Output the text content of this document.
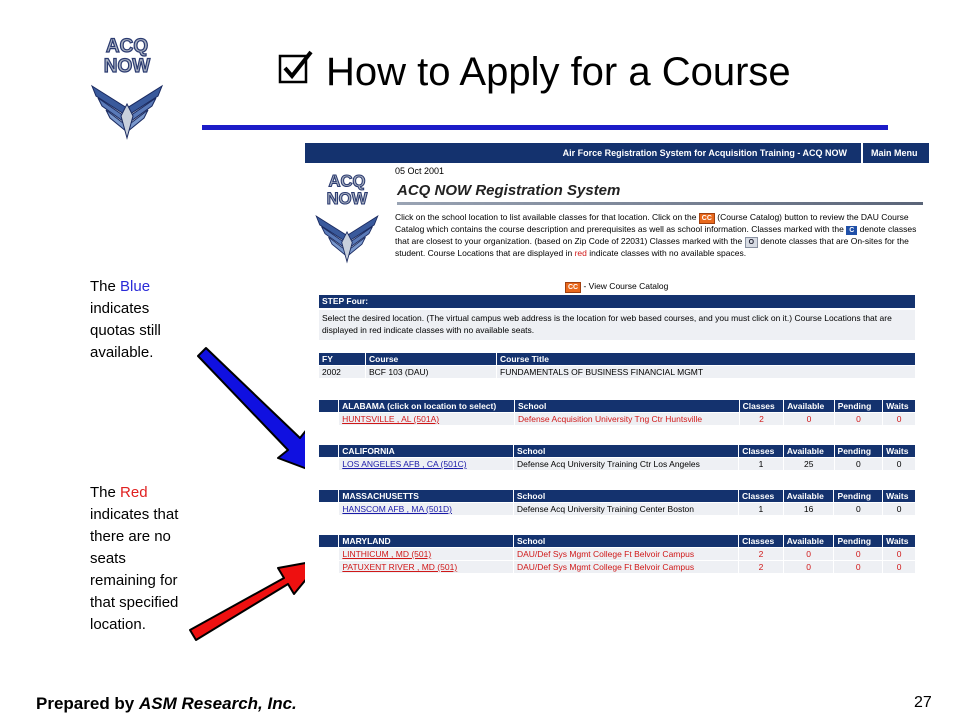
ACQ
NOW	How to Apply for a Course
The Blue indicates quotas still available.
The Red indicates that there are no seats remaining for that specified location.
Air Force Registration System for Acquisition Training - ACQ NOW	Main Menu
ACQ
NOW
05 Oct 2001
ACQ NOW Registration System
Click on the school location to list available classes for that location. Click on the CC (Course Catalog) button to review the DAU Course Catalog which contains the course description and prerequisites as well as school information. Classes marked with the C denote classes that are closest to your organization. (based on Zip Code of 22031) Classes marked with the O denote classes that are On-sites for the student. Course Locations that are displayed in red indicate classes with no available spaces.
CC - View Course Catalog
STEP Four:
Select the desired location. (The virtual campus web address is the location for web based courses, and you must click on it.) Course Locations that are displayed in red indicate classes with no available seats.
FY	Course	Course Title
2002	BCF 103 (DAU)	FUNDAMENTALS OF BUSINESS FINANCIAL MGMT
	ALABAMA (click on location to select)	School	Classes	Available	Pending	Waits
	HUNTSVILLE , AL (501A)	Defense Acquisition University Tng Ctr Huntsville	2	0	0	0
	CALIFORNIA	School	Classes	Available	Pending	Waits
	LOS ANGELES AFB , CA (501C)	Defense Acq University Training Ctr Los Angeles	1	25	0	0
	MASSACHUSETTS	School	Classes	Available	Pending	Waits
	HANSCOM AFB , MA (501D)	Defense Acq University Training Center Boston	1	16	0	0
	MARYLAND	School	Classes	Available	Pending	Waits
	LINTHICUM , MD (501)	DAU/Def Sys Mgmt College Ft Belvoir Campus	2	0	0	0
	PATUXENT RIVER , MD (501)	DAU/Def Sys Mgmt College Ft Belvoir Campus	2	0	0	0
Prepared by ASM Research, Inc.	27
